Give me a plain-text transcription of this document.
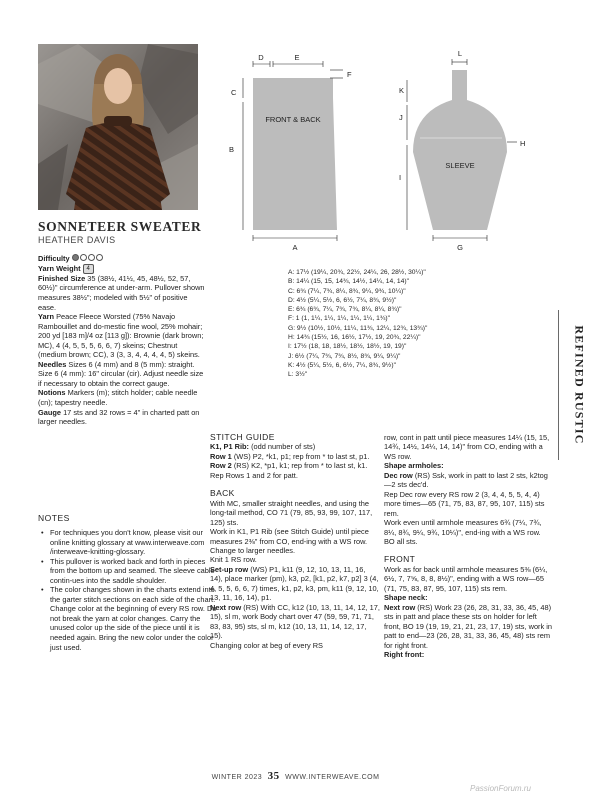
SONNETEER SWEATER
HEATHER DAVIS

Difficulty

Yarn Weight 4

Finished Size 35 (38½, 41½, 45, 48½, 52, 57, 60½)" circumference at under-arm. Pullover shown measures 38½"; modeled with 5½" of positive ease.

Yarn Peace Fleece Worsted (75% Navajo Rambouillet and do-mestic fine wool, 25% mohair; 200 yd [183 m]/4 oz [113 g]): Brownie (dark brown; MC), 4 (4, 5, 5, 5, 6, 6, 7) skeins; Chestnut (medium brown; CC), 3 (3, 3, 4, 4, 4, 4, 5) skeins.

Needles Sizes 6 (4 mm) and 8 (5 mm): straight. Size 6 (4 mm): 16" circular (cir). Adjust needle size if necessary to obtain the correct gauge.

Notions Markers (m); stitch holder; cable needle (cn); tapestry needle.

Gauge 17 sts and 32 rows = 4" in charted patt on larger needles.

NOTES
• For techniques you don't know, please visit our online knitting glossary at www.interweave.com /interweave-knitting-glossary.
• This pullover is worked back and forth in pieces from the bottom up and seamed. The sleeve cable contin-ues into the saddle shoulder.
• The color changes shown in the charts extend into the garter stitch sections on each side of the chart. Change color at the beginning of every RS row. Do not break the yarn at color changes. Carry the unused color up the side of the piece until it is needed again. Bring the new color under the color just used.
FRONT & BACK
D	E
F
C
B
A
SLEEVE
L
K
J
I
H
G
A: 17½ (19¼, 20¾, 22½, 24¼, 26, 28½, 30¼)"
B: 14¼ (15, 15, 14¾, 14½, 14¼, 14, 14)"
C: 6¾ (7¼, 7¾, 8¼, 8¾, 9¼, 9¾, 10¼)"
D: 4½ (5¼, 5½, 6, 6½, 7¼, 8¾, 9½)"
E: 6¾ (6¾, 7¼, 7¾, 7¾, 8¼, 8¼, 8¾)"
F: 1 (1, 1¼, 1¼, 1¼, 1¼, 1¼, 1¾)"
G: 9½ (10½, 10½, 11¼, 11¾, 12¼, 12¾, 13¾)"
H: 14¾ (15½, 16, 16½, 17½, 19, 20¾, 22¼)"
I: 17½ (18, 18, 18½, 18½, 18½, 19, 19)"
J: 6½ (7¼, 7¾, 7¾, 8½, 8¾, 9¼, 9¼)"
K: 4½ (5¼, 5½, 6, 6½, 7¼, 8¾, 9½)"
L: 3½"

STITCH GUIDE

K1, P1 Rib: (odd number of sts)

Row 1 (WS) P2, *k1, p1; rep from * to last st, p1.

Row 2 (RS) K2, *p1, k1; rep from * to last st, k1.

Rep Rows 1 and 2 for patt.

BACK

With MC, smaller straight needles, and using the long-tail method, CO 71 (79, 85, 93, 99, 107, 117, 125) sts.

Work in K1, P1 Rib (see Stitch Guide) until piece measures 2⅜" from CO, end-ing with a WS row.

Change to larger needles.

Knit 1 RS row.

Set-up row (WS) P1, k11 (9, 12, 10, 13, 11, 16, 14), place marker (pm), k3, p2, [k1, p2, k7, p2] 3 (4, 4, 5, 5, 6, 6, 7) times, k1, p2, k3, pm, k11 (9, 12, 10, 13, 11, 16, 14), p1.

Next row (RS) With CC, k12 (10, 13, 11, 14, 12, 17, 15), sl m, work Body chart over 47 (59, 59, 71, 71, 83, 83, 95) sts, sl m, k12 (10, 13, 11, 14, 12, 17, 15).

Changing color at beg of every RS

row, cont in patt until piece measures 14¼ (15, 15, 14¾, 14½, 14¼, 14, 14)" from CO, ending with a WS row.

Shape armholes:

Dec row (RS) Ssk, work in patt to last 2 sts, k2tog—2 sts dec'd.

Rep Dec row every RS row 2 (3, 4, 4, 5, 5, 4, 4) more times—65 (71, 75, 83, 87, 95, 107, 115) sts rem.

Work even until armhole measures 6¾ (7¼, 7¾, 8¼, 8¾, 9¼, 9¾, 10¼)", end-ing with a WS row.

BO all sts.

FRONT

Work as for back until armhole measures 5⅜ (6¼, 6½, 7, 7⅝, 8, 8, 8½)", ending with a WS row—65 (71, 75, 83, 87, 95, 107, 115) sts rem.

Shape neck:

Next row (RS) Work 23 (26, 28, 31, 33, 36, 45, 48) sts in patt and place these sts on holder for left front, BO 19 (19, 19, 21, 21, 23, 17, 19) sts, work in patt to end—23 (26, 28, 31, 33, 36, 45, 48) sts rem for right front.

Right front:

REFINED RUSTIC
WINTER 2023 35 WWW.INTERWEAVE.COM
PassionForum.ru
